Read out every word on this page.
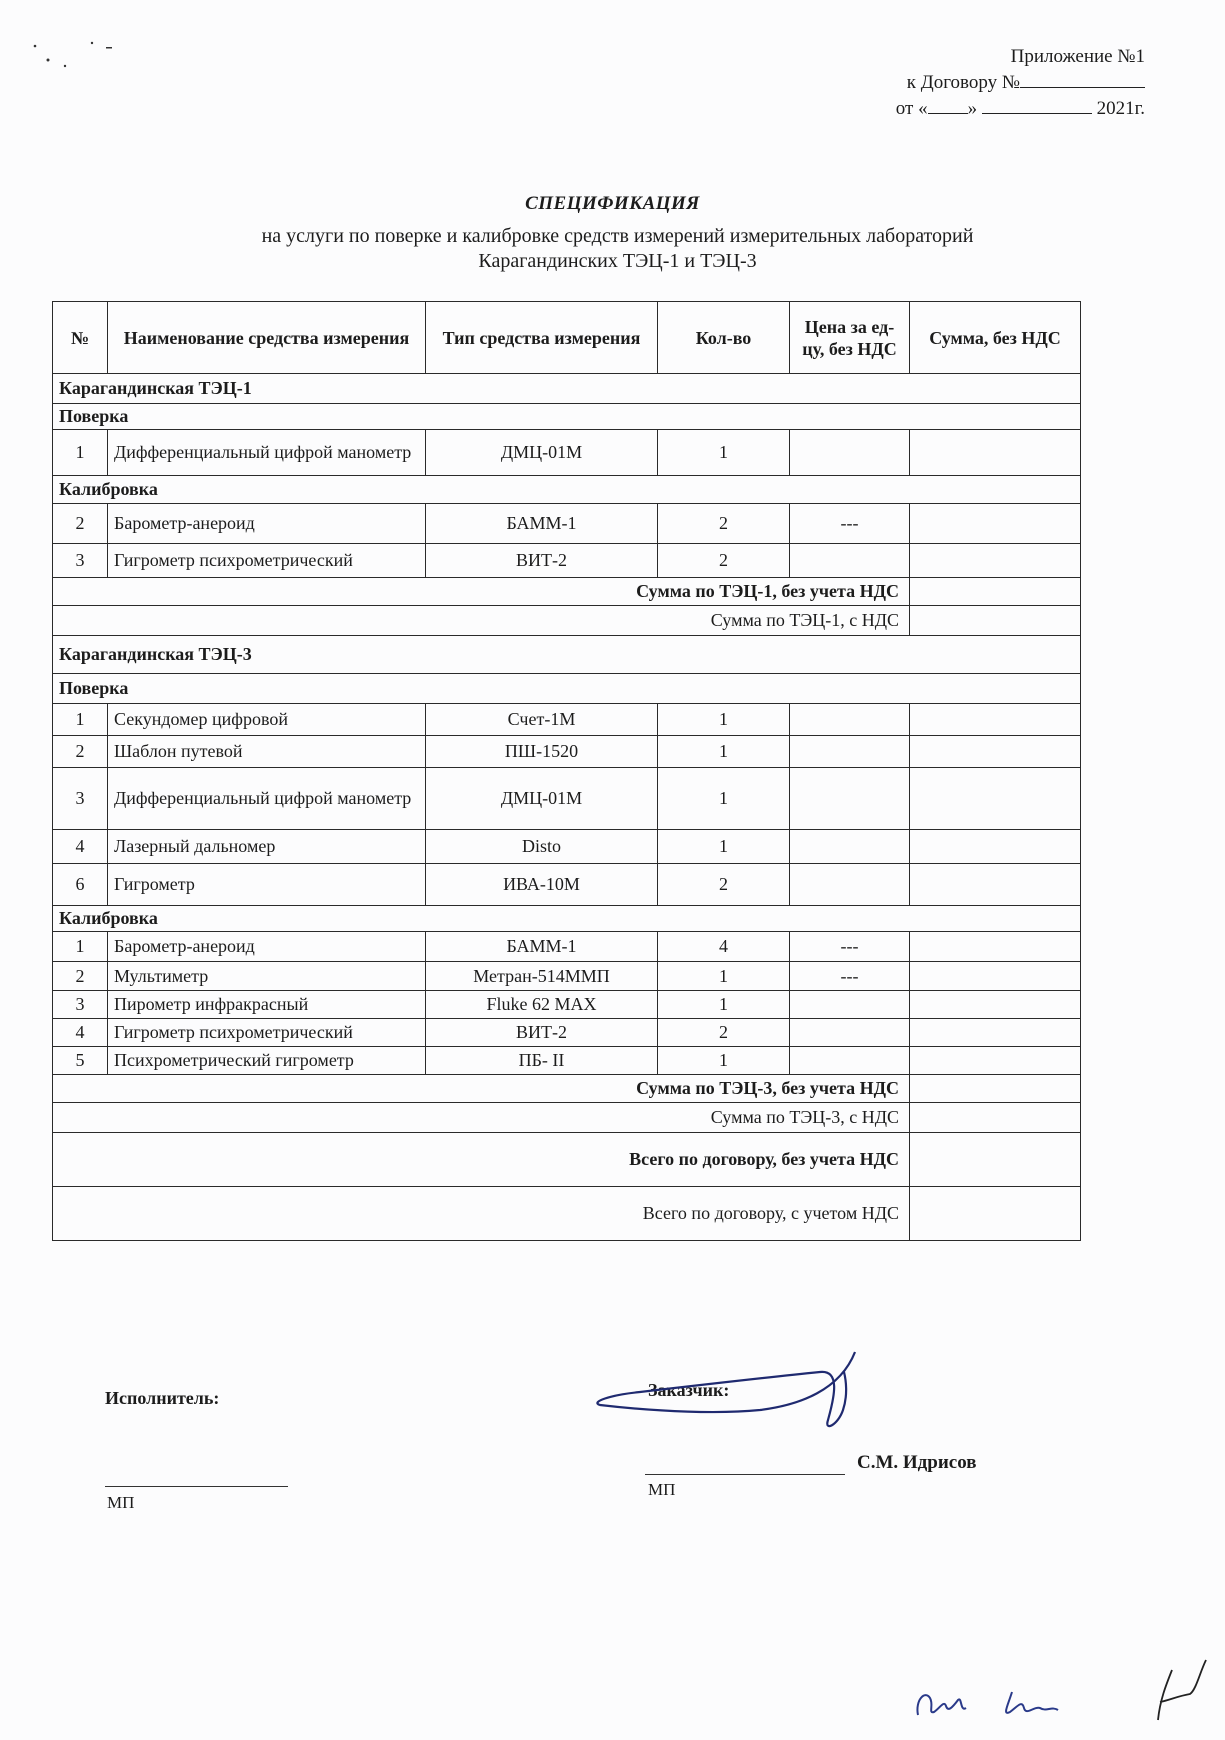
Приложение №1
к Договору №
от « »	2021г.
СПЕЦИФИКАЦИЯ
на услуги по поверке и калибровке средств измерений измерительных лабораторий
Карагандинских ТЭЦ-1 и ТЭЦ-3
№	Наименование средства измерения	Тип средства измерения	Кол-во	Цена за ед-цу, без НДС	Сумма, без НДС
Карагандинская ТЭЦ-1					
Поверка					
1	Дифференциальный цифрой манометр	ДМЦ-01М	1		
Калибровка					
2	Барометр-анероид	БАММ-1	2	---	
3	Гигрометр психрометрический	ВИТ-2	2		
Сумма по ТЭЦ-1, без учета НДС					
Сумма по ТЭЦ-1, с НДС					
Карагандинская ТЭЦ-3					
Поверка					
1	Секундомер цифровой	Счет-1М	1		
2	Шаблон путевой	ПШ-1520	1		
3	Дифференциальный цифрой манометр	ДМЦ-01М	1		
4	Лазерный дальномер	Disto	1		
6	Гигрометр	ИВА-10М	2		
Калибровка					
1	Барометр-анероид	БАММ-1	4	---	
2	Мультиметр	Метран-514ММП	1	---	
3	Пирометр инфракрасный	Fluke 62 MAX	1		
4	Гигрометр психрометрический	ВИТ-2	2		
5	Психрометрический гигрометр	ПБ- II	1		
Сумма по ТЭЦ-3, без учета НДС					
Сумма по ТЭЦ-3, с НДС					
Всего по договору, без учета НДС					
Всего по договору, с учетом НДС					
Исполнитель:
МП
Заказчик:
МП
С.М. Идрисов
